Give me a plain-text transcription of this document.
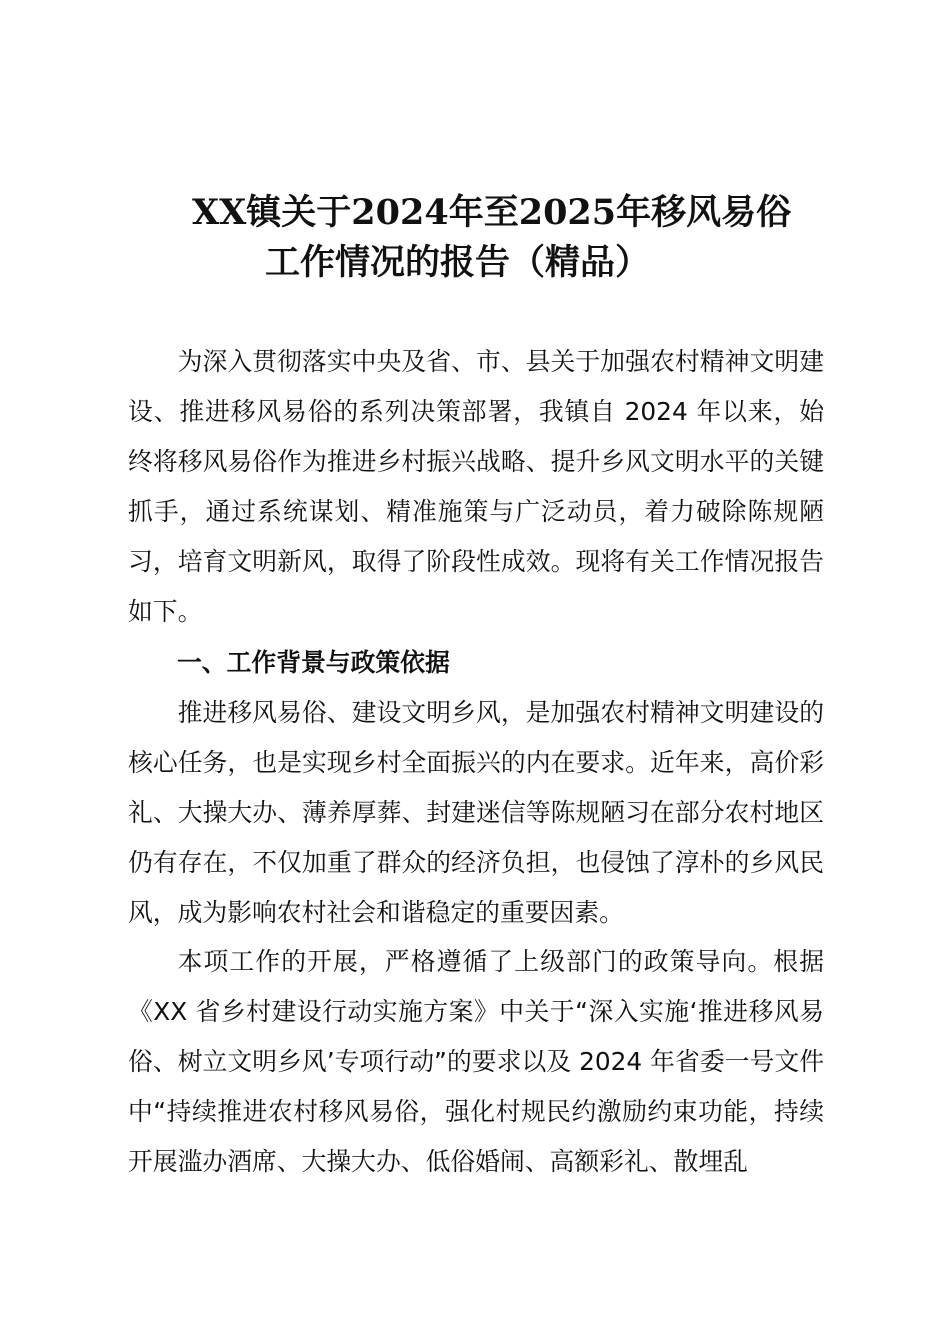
XX镇关于2024年至2025年移风易俗
工作情况的报告（精品）

为深入贯彻落实中央及省、市、县关于加强农村精神文明建设、推进移风易俗的系列决策部署，我镇自 2024 年以来，始终将移风易俗作为推进乡村振兴战略、提升乡风文明水平的关键抓手，通过系统谋划、精准施策与广泛动员，着力破除陈规陋习，培育文明新风，取得了阶段性成效。现将有关工作情况报告如下。

一、工作背景与政策依据

推进移风易俗、建设文明乡风，是加强农村精神文明建设的核心任务，也是实现乡村全面振兴的内在要求。近年来，高价彩礼、大操大办、薄养厚葬、封建迷信等陈规陋习在部分农村地区仍有存在，不仅加重了群众的经济负担，也侵蚀了淳朴的乡风民风，成为影响农村社会和谐稳定的重要因素。

本项工作的开展，严格遵循了上级部门的政策导向。根据《XX 省乡村建设行动实施方案》中关于“深入实施‘推进移风易俗、树立文明乡风’专项行动”的要求以及 2024 年省委一号文件中“持续推进农村移风易俗，强化村规民约激励约束功能，持续开展滥办酒席、大操大办、低俗婚闹、高额彩礼、散埋乱
